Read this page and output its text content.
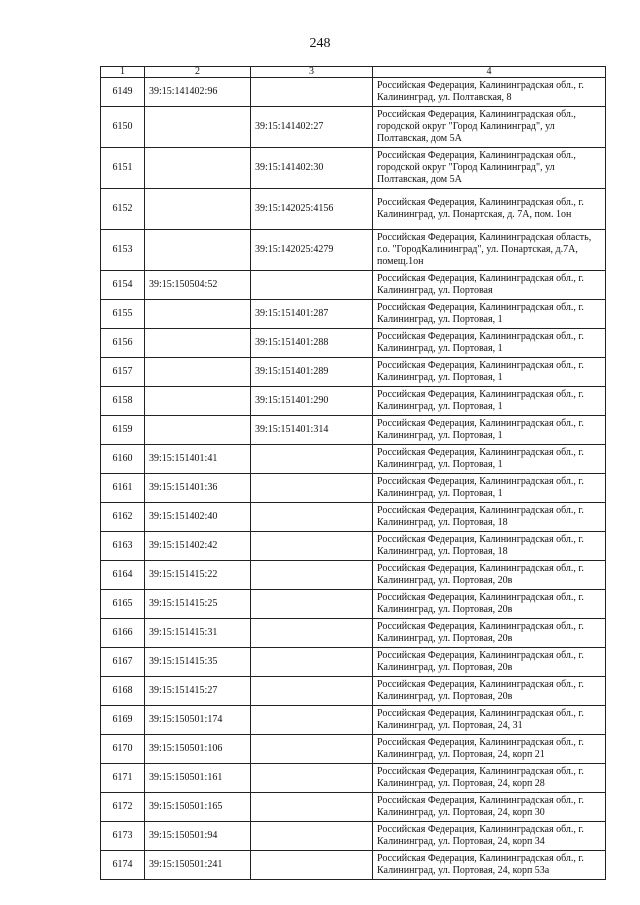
248
1	2	3	4
6149	39:15:141402:96		Российская Федерация, Калининградская обл., г. Калининград, ул. Полтавская, 8
6150		39:15:141402:27	Российская Федерация, Калининградская обл., городской округ "Город Калининград", ул Полтавская, дом 5А
6151		39:15:141402:30	Российская Федерация, Калининградская обл., городской округ "Город Калининград", ул Полтавская, дом 5А
6152		39:15:142025:4156	Российская Федерация, Калининградская обл., г. Калининград, ул. Понартская, д. 7А, пом. 1он
6153		39:15:142025:4279	Российская Федерация, Калининградская область, г.о. "ГородКалининград", ул. Понартская, д.7А, помещ.1он
6154	39:15:150504:52		Российская Федерация, Калининградская обл., г. Калининград, ул. Портовая
6155		39:15:151401:287	Российская Федерация, Калининградская обл., г. Калининград, ул. Портовая, 1
6156		39:15:151401:288	Российская Федерация, Калининградская обл., г. Калининград, ул. Портовая, 1
6157		39:15:151401:289	Российская Федерация, Калининградская обл., г. Калининград, ул. Портовая, 1
6158		39:15:151401:290	Российская Федерация, Калининградская обл., г. Калининград, ул. Портовая, 1
6159		39:15:151401:314	Российская Федерация, Калининградская обл., г. Калининград, ул. Портовая, 1
6160	39:15:151401:41		Российская Федерация, Калининградская обл., г. Калининград, ул. Портовая, 1
6161	39:15:151401:36		Российская Федерация, Калининградская обл., г. Калининград, ул. Портовая, 1
6162	39:15:151402:40		Российская Федерация, Калининградская обл., г. Калининград, ул. Портовая, 18
6163	39:15:151402:42		Российская Федерация, Калининградская обл., г. Калининград, ул. Портовая, 18
6164	39:15:151415:22		Российская Федерация, Калининградская обл., г. Калининград, ул. Портовая, 20в
6165	39:15:151415:25		Российская Федерация, Калининградская обл., г. Калининград, ул. Портовая, 20в
6166	39:15:151415:31		Российская Федерация, Калининградская обл., г. Калининград, ул. Портовая, 20в
6167	39:15:151415:35		Российская Федерация, Калининградская обл., г. Калининград, ул. Портовая, 20в
6168	39:15:151415:27		Российская Федерация, Калининградская обл., г. Калининград, ул. Портовая, 20в
6169	39:15:150501:174		Российская Федерация, Калининградская обл., г. Калининград, ул. Портовая, 24, 31
6170	39:15:150501:106		Российская Федерация, Калининградская обл., г. Калининград, ул. Портовая, 24, корп 21
6171	39:15:150501:161		Российская Федерация, Калининградская обл., г. Калининград, ул. Портовая, 24, корп 28
6172	39:15:150501:165		Российская Федерация, Калининградская обл., г. Калининград, ул. Портовая, 24, корп 30
6173	39:15:150501:94		Российская Федерация, Калининградская обл., г. Калининград, ул. Портовая, 24, корп 34
6174	39:15:150501:241		Российская Федерация, Калининградская обл., г. Калининград, ул. Портовая, 24, корп 53а
